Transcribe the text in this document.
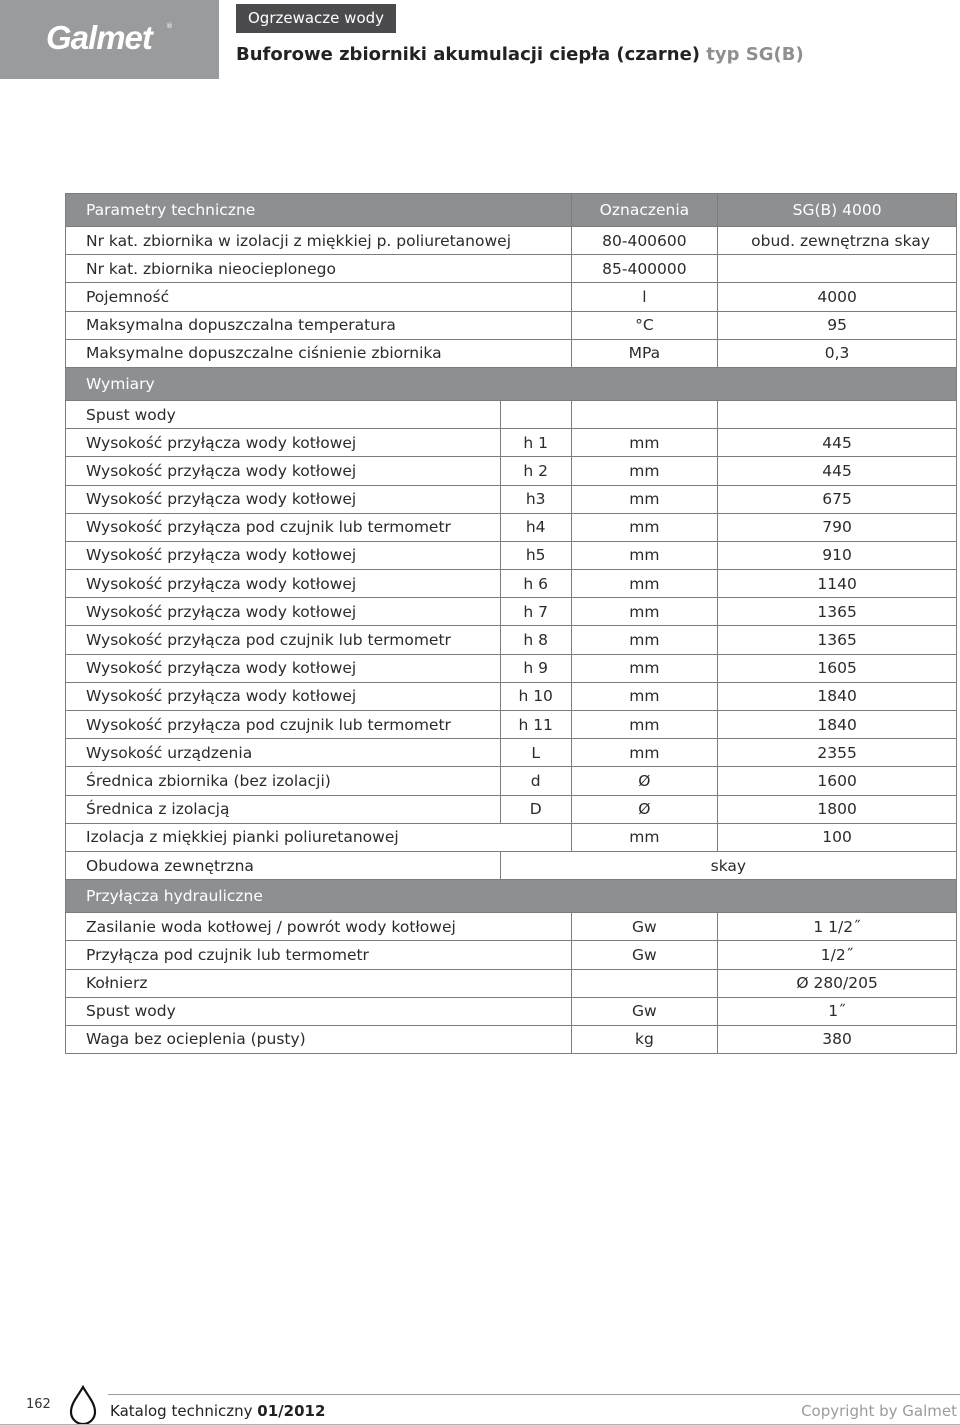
Galmet ®	Ogrzewacze wody
Buforowe zbiorniki akumulacji ciepła (czarne) typ SG(B)
Parametry techniczne		Oznaczenia	SG(B) 4000
Nr kat. zbiornika w izolacji z miękkiej p. poliuretanowej		80-400600	obud. zewnętrzna skay
Nr kat. zbiornika nieocieplonego		85-400000	
Pojemność		l	4000
Maksymalna dopuszczalna temperatura		°C	95
Maksymalne dopuszczalne ciśnienie zbiornika		MPa	0,3
Wymiary			
Spust wody			
Wysokość przyłącza wody kotłowej	h 1	mm	445
Wysokość przyłącza wody kotłowej	h 2	mm	445
Wysokość przyłącza wody kotłowej	h3	mm	675
Wysokość przyłącza pod czujnik lub termometr	h4	mm	790
Wysokość przyłącza wody kotłowej	h5	mm	910
Wysokość przyłącza wody kotłowej	h 6	mm	1140
Wysokość przyłącza wody kotłowej	h 7	mm	1365
Wysokość przyłącza pod czujnik lub termometr	h 8	mm	1365
Wysokość przyłącza wody kotłowej	h 9	mm	1605
Wysokość przyłącza wody kotłowej	h 10	mm	1840
Wysokość przyłącza pod czujnik lub termometr	h 11	mm	1840
Wysokość urządzenia	L	mm	2355
Średnica zbiornika (bez izolacji)	d	Ø	1600
Średnica z izolacją	D	Ø	1800
Izolacja z miękkiej pianki poliuretanowej		mm	100
Obudowa zewnętrzna	skay		
Przyłącza hydrauliczne			
Zasilanie woda kotłowej / powrót wody kotłowej		Gw	1 1/2˝
Przyłącza pod czujnik lub termometr		Gw	1/2˝
Kołnierz			Ø 280/205
Spust wody		Gw	1˝
Waga bez ocieplenia (pusty)		kg	380
162	Katalog techniczny 01/2012	Copyright by Galmet
